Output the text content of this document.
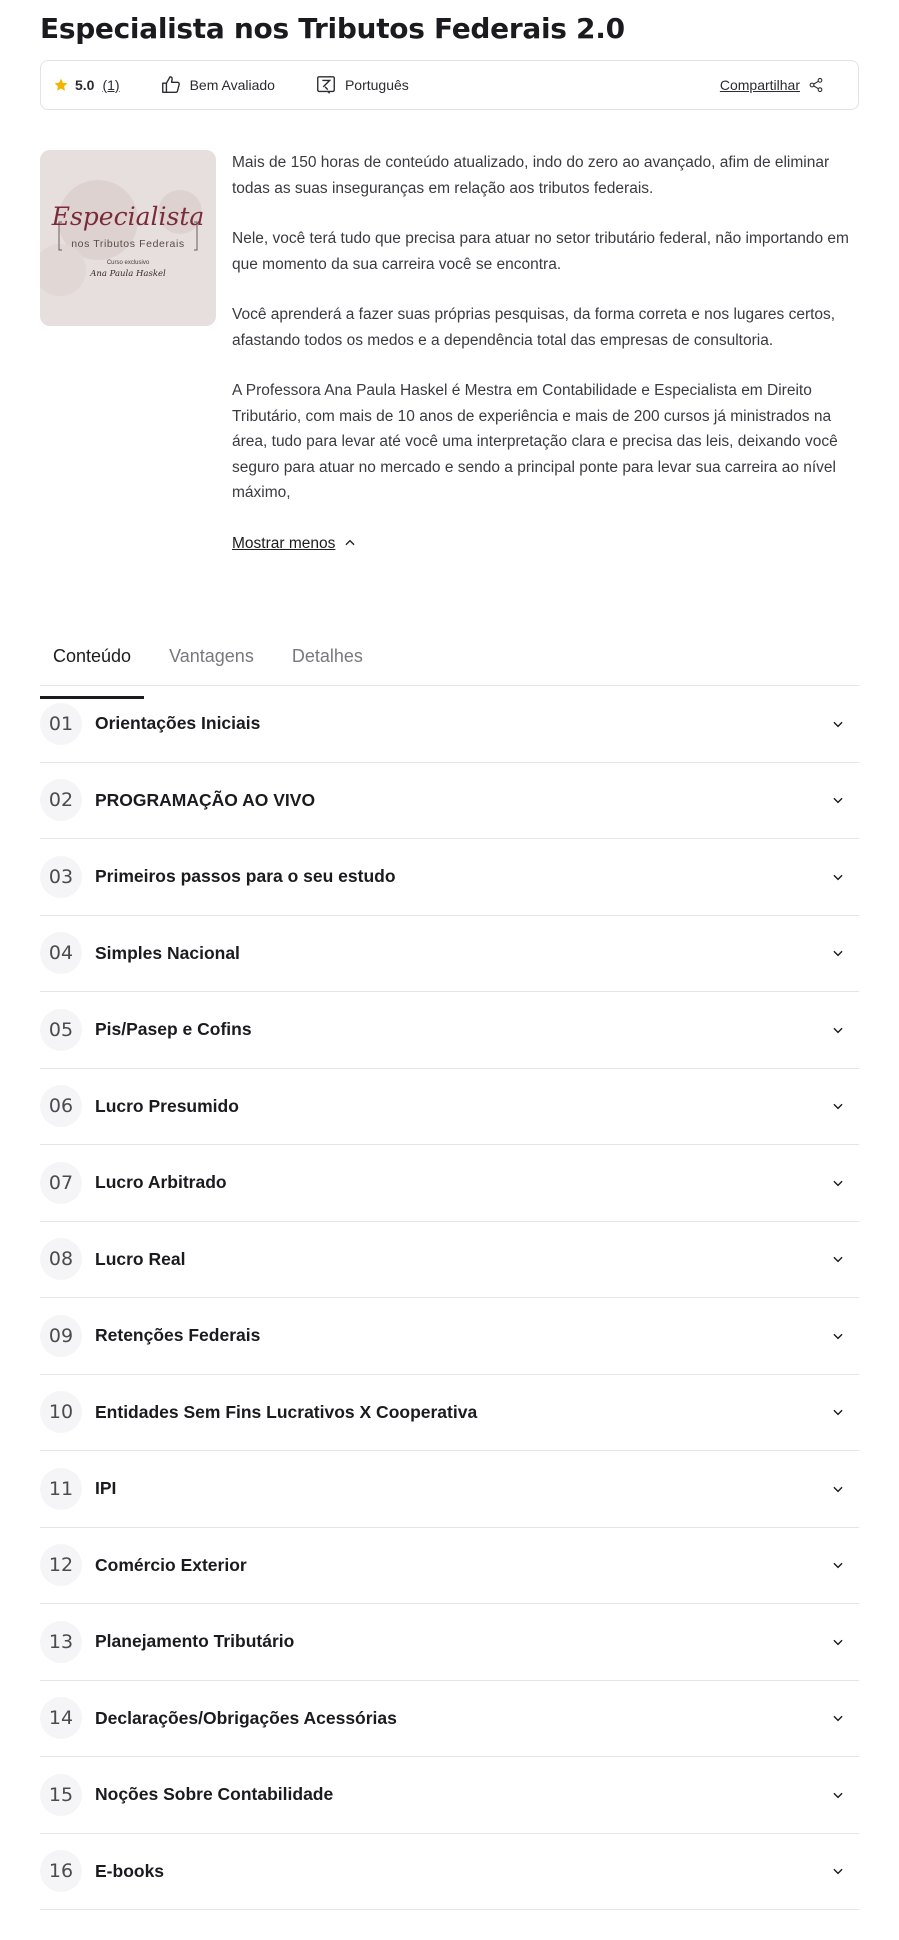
Especialista nos Tributos Federais 2.0
5.0 (1)	Bem Avaliado	Português	Compartilhar
Especialista
nos Tributos Federais
Curso exclusivo
Ana Paula Haskel

Mais de 150 horas de conteúdo atualizado, indo do zero ao avançado, afim de eliminar todas as suas inseguranças em relação aos tributos federais.

Nele, você terá tudo que precisa para atuar no setor tributário federal, não importando em que momento da sua carreira você se encontra.

Você aprenderá a fazer suas próprias pesquisas, da forma correta e nos lugares certos, afastando todos os medos e a dependência total das empresas de consultoria.

A Professora Ana Paula Haskel é Mestra em Contabilidade e Especialista em Direito Tributário, com mais de 10 anos de experiência e mais de 200 cursos já ministrados na área, tudo para levar até você uma interpretação clara e precisa das leis, deixando você seguro para atuar no mercado e sendo a principal ponte para levar sua carreira ao nível máximo,

Mostrar menos
Conteúdo	Vantagens	Detalhes
01	Orientações Iniciais
02	PROGRAMAÇÃO AO VIVO
03	Primeiros passos para o seu estudo
04	Simples Nacional
05	Pis/Pasep e Cofins
06	Lucro Presumido
07	Lucro Arbitrado
08	Lucro Real
09	Retenções Federais
10	Entidades Sem Fins Lucrativos X Cooperativa
11	IPI
12	Comércio Exterior
13	Planejamento Tributário
14	Declarações/Obrigações Acessórias
15	Noções Sobre Contabilidade
16	E-books
